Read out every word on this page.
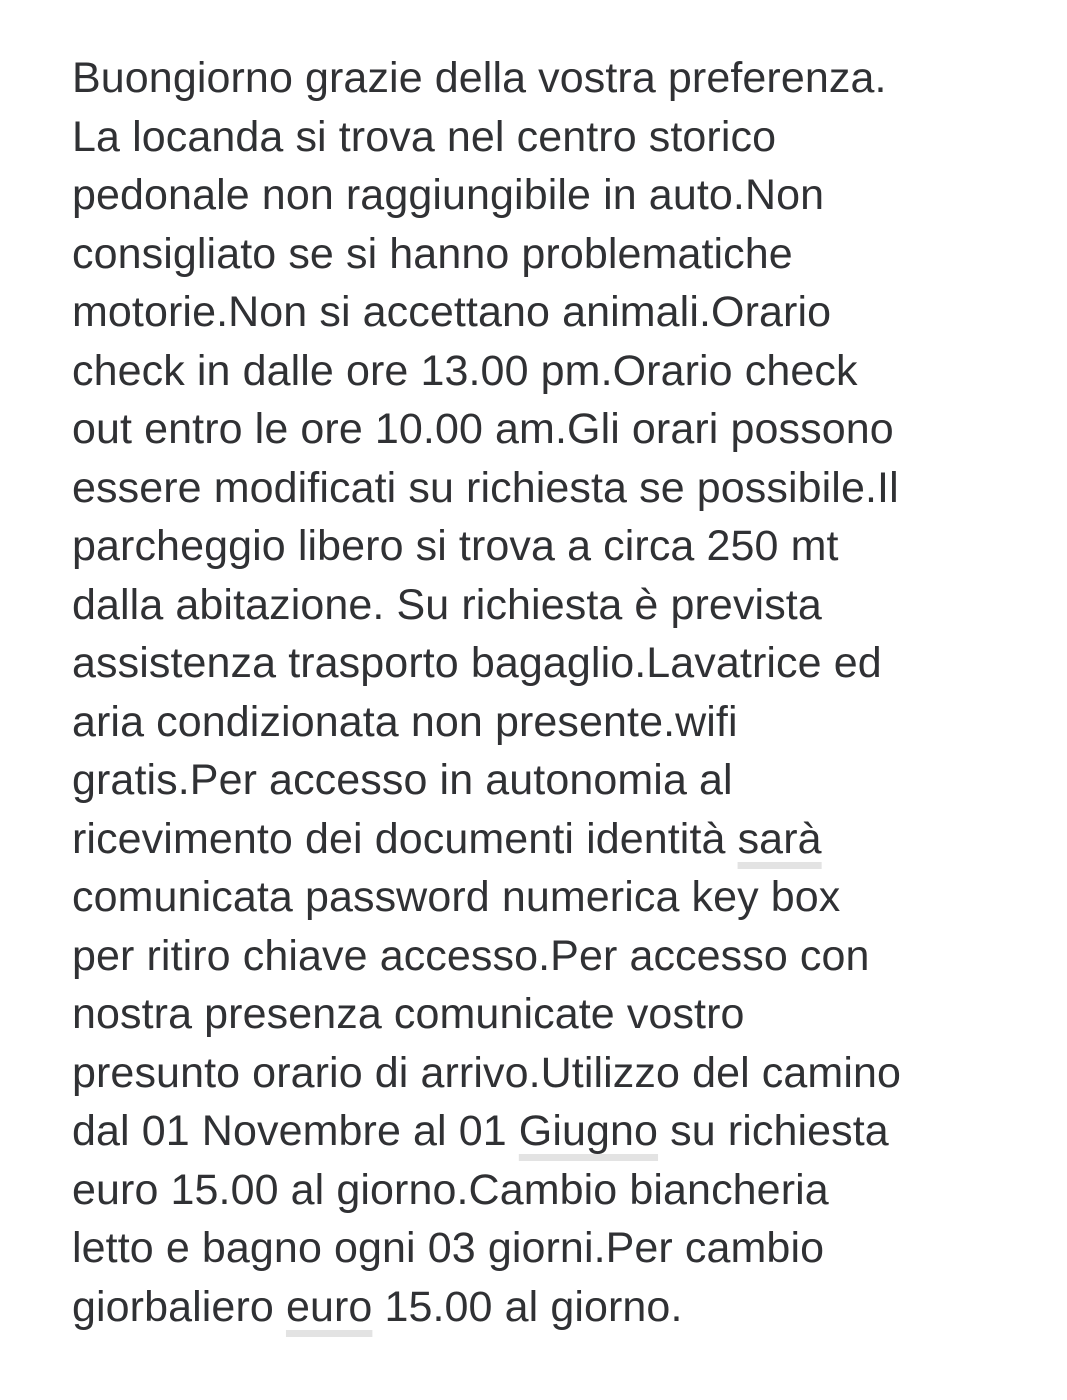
Buongiorno grazie della vostra preferenza.
La locanda si trova nel centro storico
pedonale non raggiungibile in auto.Non
consigliato se si hanno problematiche
motorie.Non si accettano animali.Orario
check in dalle ore 13.00 pm.Orario check
out entro le ore 10.00 am.Gli orari possono
essere modificati su richiesta se possibile.Il
parcheggio libero si trova a circa 250 mt
dalla abitazione. Su richiesta è prevista
assistenza trasporto bagaglio.Lavatrice ed
aria condizionata non presente.wifi
gratis.Per accesso in autonomia al
ricevimento dei documenti identità sarà
comunicata password numerica key box
per ritiro chiave accesso.Per accesso con
nostra presenza comunicate vostro
presunto orario di arrivo.Utilizzo del camino
dal 01 Novembre al 01 Giugno su richiesta
euro 15.00 al giorno.Cambio biancheria
letto e bagno ogni 03 giorni.Per cambio
giorbaliero euro 15.00 al giorno.
